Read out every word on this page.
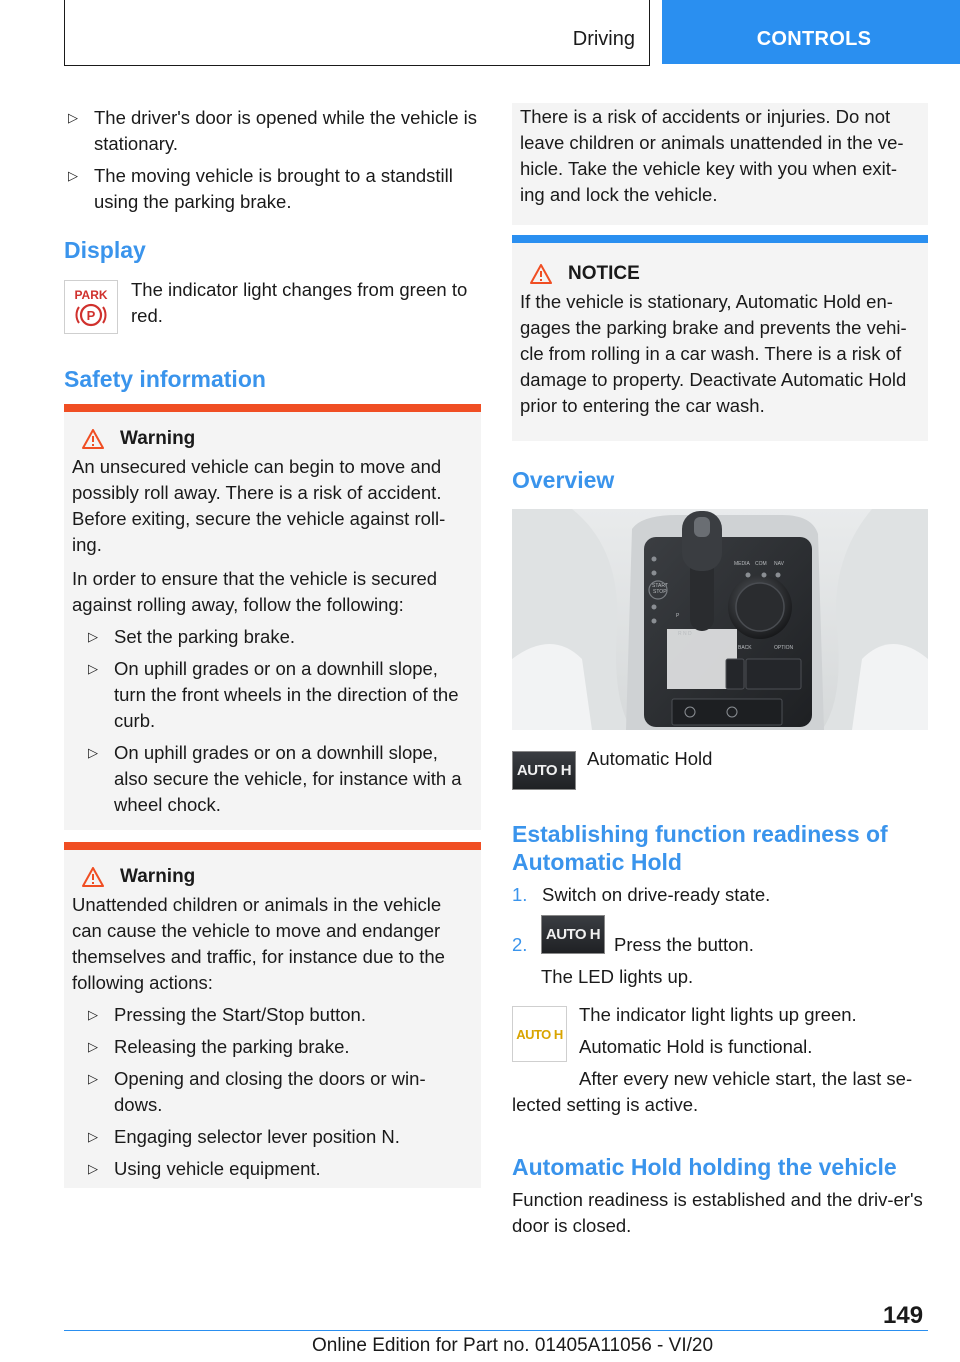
Driving	CONTROLS
▷ The driver's door is opened while the vehicle is stationary.
▷ The moving vehicle is brought to a standstill using the parking brake.
Display
PARK
P
The indicator light changes from green to red.
Safety information
Warning

An unsecured vehicle can begin to move and possibly roll away. There is a risk of accident. Before exiting, secure the vehicle against roll-ing.

In order to ensure that the vehicle is secured against rolling away, follow the following:

▷ Set the parking brake.
▷ On uphill grades or on a downhill slope, turn the front wheels in the direction of the curb.
▷ On uphill grades or on a downhill slope, also secure the vehicle, for instance with a wheel chock.
Warning

Unattended children or animals in the vehicle can cause the vehicle to move and endanger themselves and traffic, for instance due to the following actions:

▷ Pressing the Start/Stop button.
▷ Releasing the parking brake.
▷ Opening and closing the doors or win-dows.
▷ Engaging selector lever position N.
▷ Using vehicle equipment.

There is a risk of accidents or injuries. Do not leave children or animals unattended in the ve-hicle. Take the vehicle key with you when exit-ing and lock the vehicle.

NOTICE

If the vehicle is stationary, Automatic Hold en-gages the parking brake and prevents the vehi-cle from rolling in a car wash. There is a risk of damage to property. Deactivate Automatic Hold prior to entering the car wash.

Overview
MEDIA COM NAV
BACK	OPTION
START
STOP
R N D
P
AUTO H
Automatic Hold
Establishing function readiness of Automatic Hold
1. Switch on drive-ready state.
2. AUTO H Press the button.
The LED lights up.
AUTO H
The indicator light lights up green.
Automatic Hold is functional.
After every new vehicle start, the last se-lected setting is active.
Automatic Hold holding the vehicle
Function readiness is established and the driv-er's door is closed.
149
Online Edition for Part no. 01405A11056 - VI/20
